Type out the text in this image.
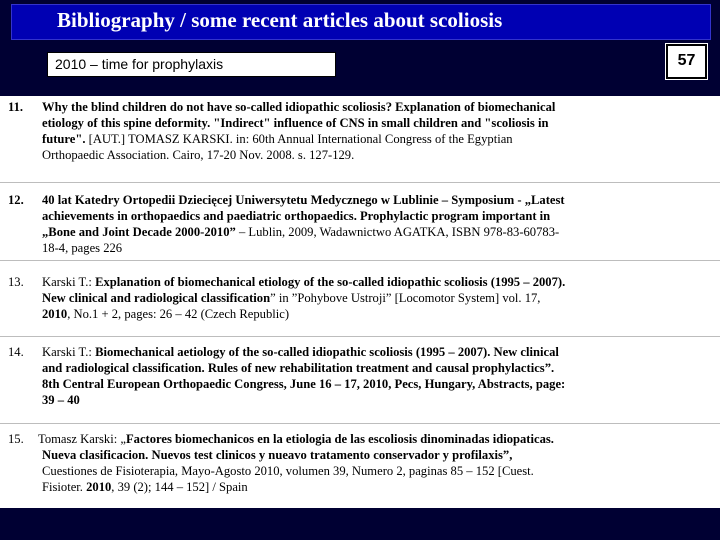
Bibliography / some recent articles about scoliosis
2010 – time for prophylaxis	57
11. Why the blind children do not have so-called idiopathic scoliosis? Explanation of biomechanical
etiology of this spine deformity. "Indirect" influence of CNS in small children and "scoliosis in
future". [AUT.] TOMASZ KARSKI. in: 60th Annual International Congress of the Egyptian
Orthopaedic Association. Cairo, 17-20 Nov. 2008. s. 127-129.
12. 40 lat Katedry Ortopedii Dziecięcej Uniwersytetu Medycznego w Lublinie – Symposium - „Latest
achievements in orthopaedics and paediatric orthopaedics. Prophylactic program important in
„Bone and Joint Decade 2000-2010” – Lublin, 2009, Wadawnictwo AGATKA, ISBN 978-83-60783-
18-4, pages 226
13. Karski T.: Explanation of biomechanical etiology of the so-called idiopathic scoliosis (1995 – 2007).
New clinical and radiological classification” in ”Pohybove Ustroji” [Locomotor System] vol. 17,
2010, No.1 + 2, pages: 26 – 42 (Czech Republic)
14. Karski T.: Biomechanical aetiology of the so-called idiopathic scoliosis (1995 – 2007). New clinical
and radiological classification. Rules of new rehabilitation treatment and causal prophylactics”.
8th Central European Orthopaedic Congress, June 16 – 17, 2010, Pecs, Hungary, Abstracts, page:
39 – 40
15. Tomasz Karski: „Factores biomechanicos en la etiologia de las escoliosis dinominadas idiopaticas.
Nueva clasificacion. Nuevos test clinicos y nueavo tratamento conservador y profilaxis”,
Cuestiones de Fisioterapia, Mayo-Agosto 2010, volumen 39, Numero 2, paginas 85 – 152 [Cuest.
Fisioter. 2010, 39 (2); 144 – 152] / Spain
